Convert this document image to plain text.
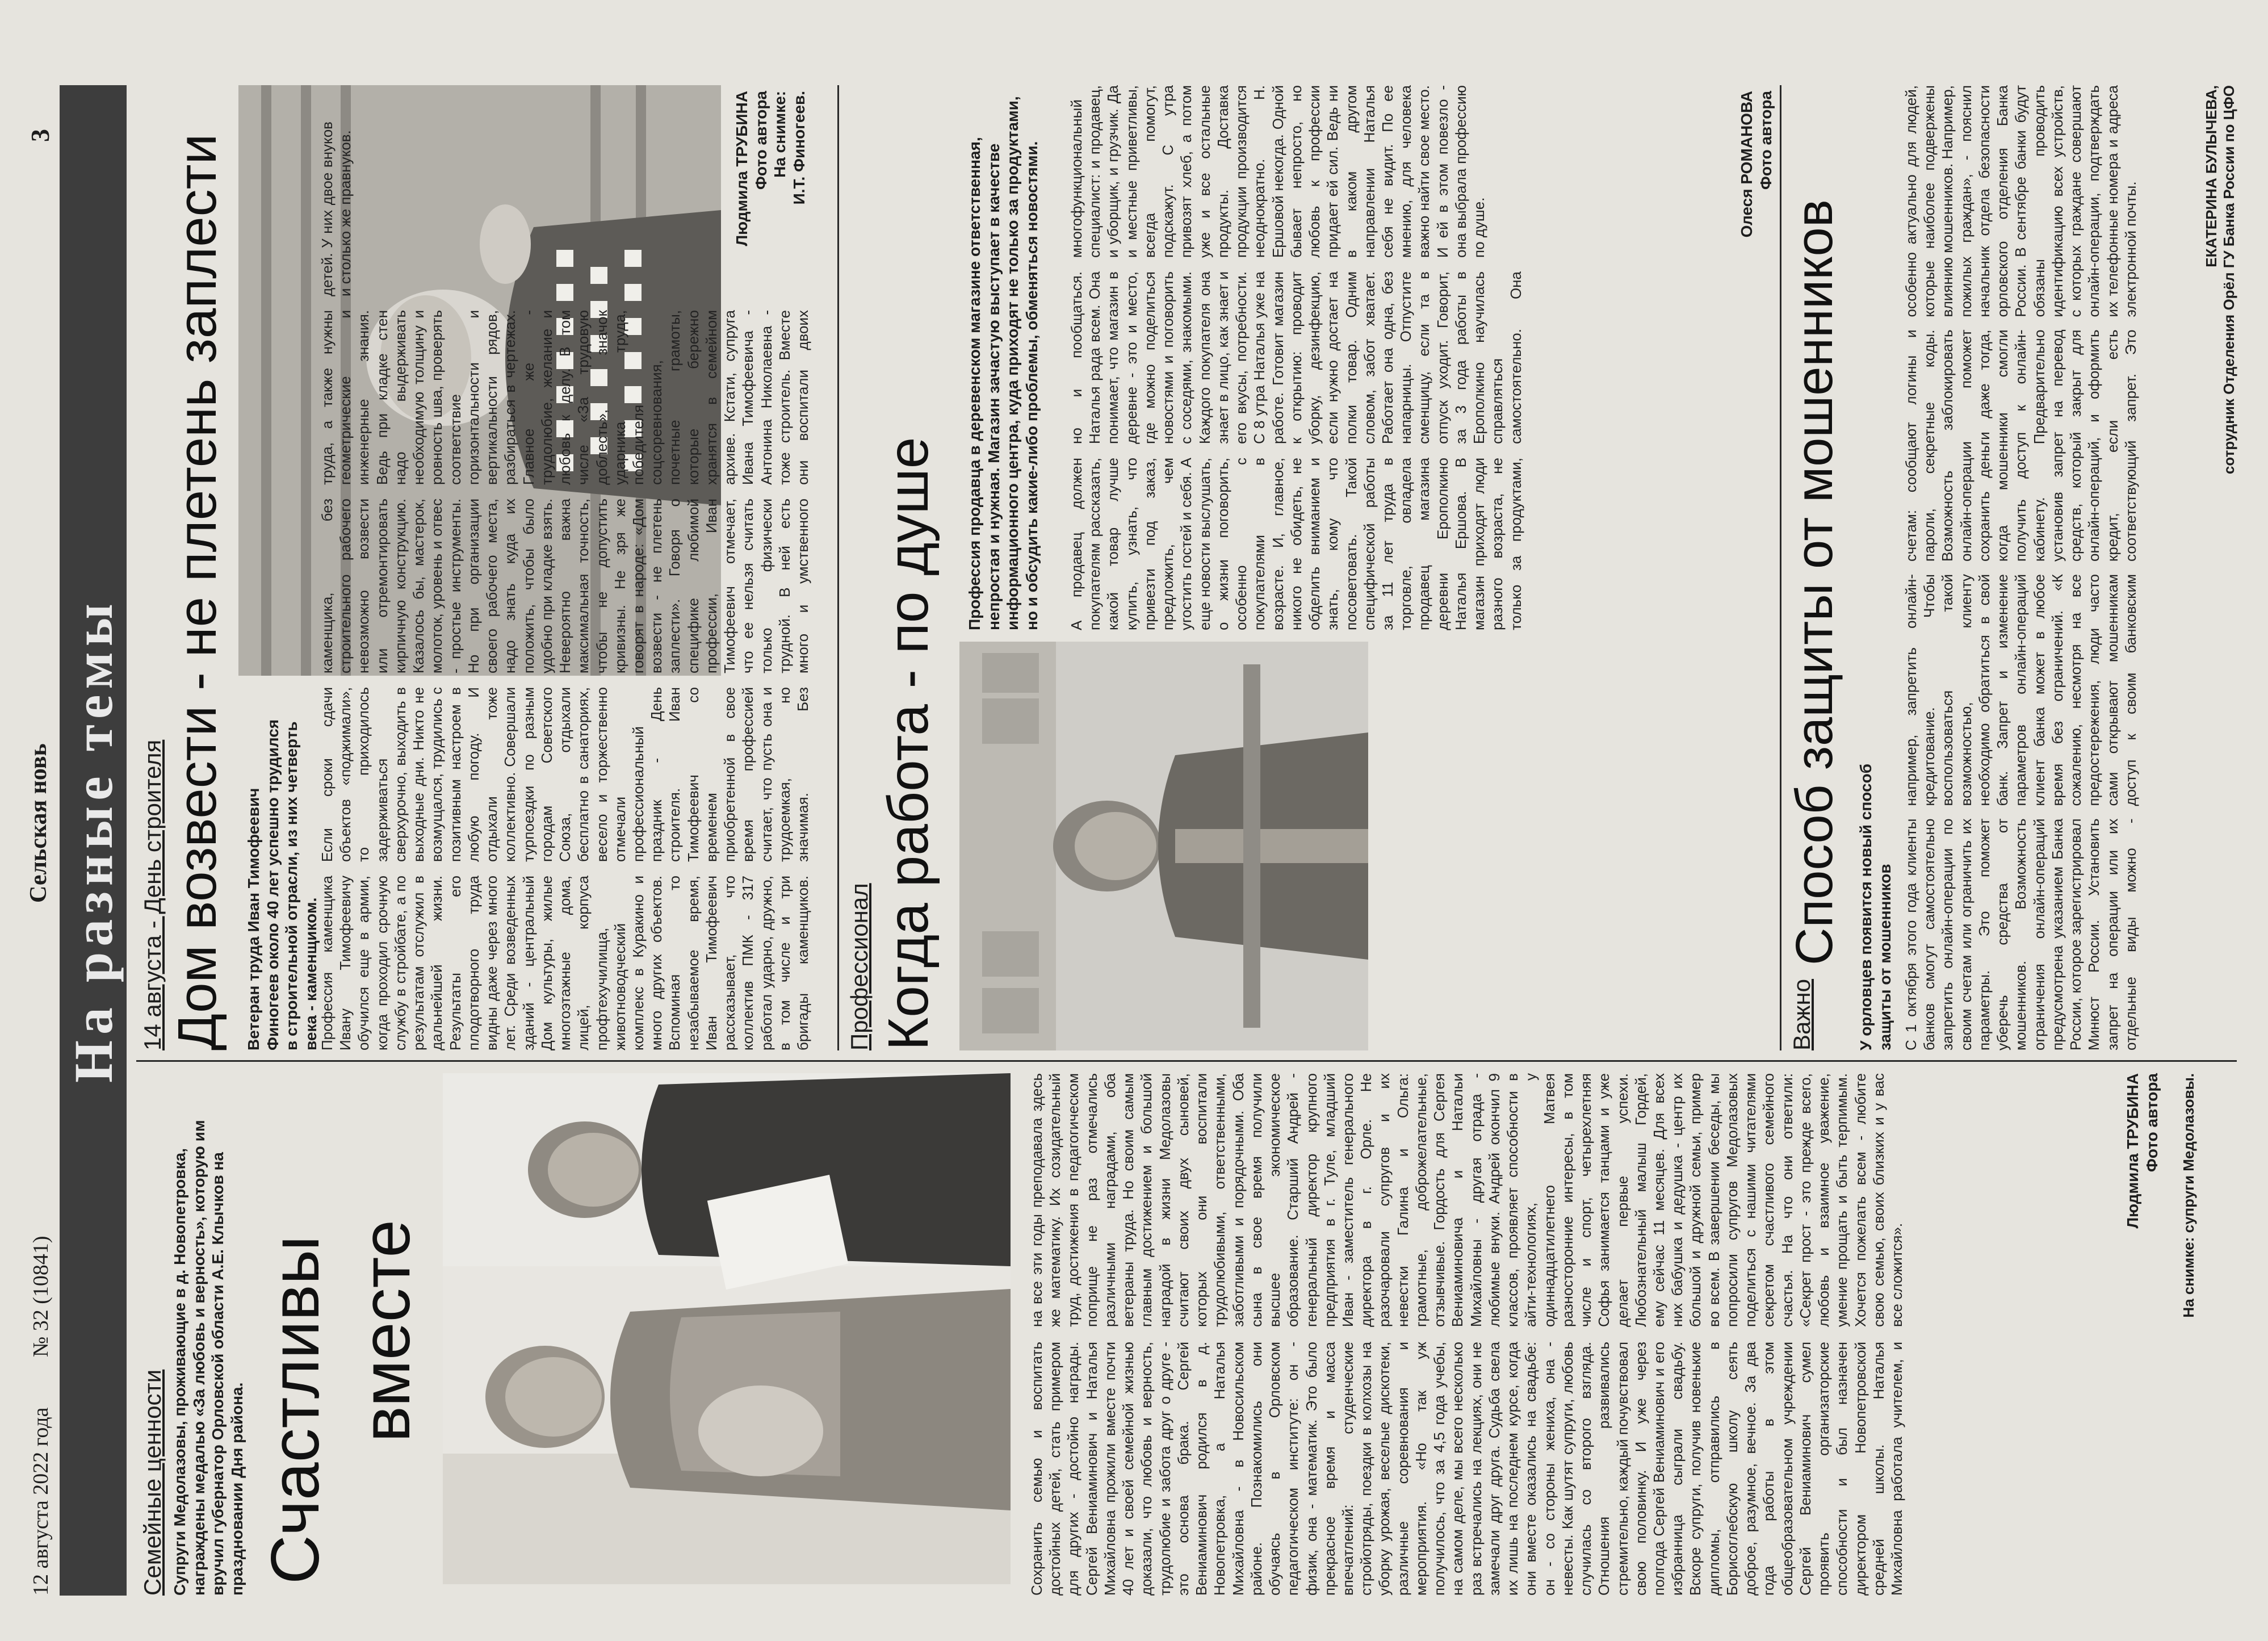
12 августа 2022 года
№ 32 (10841)
Сельская новь
3
На разные темы
Семейные ценности Супруги Медолазовы, проживающие в д. Новопетровка, награждены медалью «За любовь и верность», которую им вручил губернатор Орловской области А.Е. Клычков на праздновании Дня района. Счастливы вместе
Сохранить семью и воспитать достойных детей, стать примером для других - достойно награды. Сергей Вениаминович и Наталья Михайловна прожили вместе почти 40 лет и своей семейной жизнью доказали, что любовь и верность, трудолюбие и забота друг о друге - это основа брака. Сергей Вениаминович родился в д. Новопетровка, а Наталья Михайловна - в Новосильском районе. Познакомились они обучаясь в Орловском педагогическом институте: он - физик, она - математик. Это было прекрасное время и масса впечатлений: студенческие стройотряды, поездки в колхозы на уборку урожая, веселые дискотеки, различные соревнования и мероприятия. «Но так уж получилось, что за 4,5 года учебы, на самом деле, мы всего несколько раз встречались на лекциях, они не замечали друг друга. Судьба свела их лишь на последнем курсе, когда они вместе оказались на свадьбе: он - со стороны жениха, она - невесты. Как шутят супруги, любовь случилась со второго взгляда. Отношения развивались стремительно, каждый почувствовал свою половинку. И уже через полгода Сергей Вениаминович и его избранница сыграли свадьбу. Вскоре супруги, получив новенькие дипломы, отправились в Борисоглебскую школу сеять доброе, разумное, вечное. За два года работы в этом общеобразовательном учреждении Сергей Вениаминович сумел проявить организаторские способности и был назначен директором Новопетровской средней школы. Наталья Михайловна работала учителем, и на все эти годы преподавала здесь же математику. Их созидательный труд, достижения в педагогическом поприще не раз отмечались различными наградами, оба ветераны труда. Но своим самым главным достижением и большой наградой в жизни Медолазовы считают своих двух сыновей, которых они воспитали трудолюбивыми, ответственными, заботливыми и порядочными. Оба сына в свое время получили высшее экономическое образование. Старший Андрей - генеральный директор крупного предприятия в г. Туле, младший Иван - заместитель генерального директора в г. Орле. Не разочаровали супругов и их невестки Галина и Ольга: грамотные, доброжелательные, отзывчивые. Гордость для Сергея Вениаминовича и Натальи Михайловны - другая отрада - любимые внуки. Андрей окончил 9 классов, проявляет способности в айти-технологиях, у одиннадцатилетнего Матвея разносторонние интересы, в том числе и спорт, четырехлетняя Софья занимается танцами и уже делает первые успехи. Любознательный малыш Гордей, ему сейчас 11 месяцев. Для всех них бабушка и дедушка - центр их большой и дружной семьи, пример во всем. В завершении беседы, мы попросили супругов Медолазовых поделиться с нашими читателями секретом счастливого семейного счастья. На что они ответили: «Секрет прост - это прежде всего, любовь и взаимное уважение, умение прощать и быть терпимым. Хочется пожелать всем - любите свою семью, своих близких и у вас все сложится».
Людмила ТРУБИНА Фото автора На снимке: супруги Медолазовы.
14 августа - День строителя Дом возвести - не плетень заплести Ветеран труда Иван Тимофеевич Финогеев около 40 лет успешно трудился в строительной отрасли, из них четверть века - каменщиком.
Профессия каменщика Ивану Тимофеевичу обучился еще в армии, когда проходил срочную службу в стройбате, а по результатам отслужил в дальнейшей жизни. Результаты его плодотворного труда видны даже через много лет. Среди возведенных зданий - центральный Дом культуры, жилые многоэтажные дома, лицей, корпуса профтехучилища, животноводческий комплекс в Куракино и много других объектов. Вспоминая то незабываемое время, Иван Тимофеевич рассказывает, что коллектив ПМК - 317 работал ударно, дружно, в том числе и три бригады каменщиков. Если сроки сдачи объектов «поджимали», то приходилось задерживаться сверхурочно, выходить в выходные дни. Никто не возмущался, трудились с позитивным настроем в любую погоду. И отдыхали тоже коллективно. Совершали турпоездки по разным городам Советского Союза, отдыхали бесплатно в санаториях, весело и торжественно отмечали профессиональный праздник - День строителя. Иван Тимофеевич со временем приобретенной в свое время профессией считает, что пусть она и трудоемкая, но значимая. Без Тимофеевич отмечает, что ее нельзя считать только физически трудной. В ней есть много и умственного архиве. Кстати, супруга Ивана Тимофеевича - Антонина Николаевна - тоже строитель. Вместе они воспитали двоих
Людмила ТРУБИНА Фото автора На снимке: И.Т. Финогеев.
Профессионал Когда работа - по душе
Профессия продавца в деревенском магазине ответственная, непростая и нужная. Магазин зачастую выступает в качестве информационного центра, куда приходят не только за продуктами, но и обсудить какие-либо проблемы, обменяться новостями. А продавец должен покупателям рассказать, какой товар лучше купить, узнать, что привезти под заказ, предложить, чем угостить гостей и себя. А еще новости выслушать, о жизни поговорить, особенно с покупателями в возрасте. И, главное, никого не обидеть, не обделить вниманием и знать, кому что посоветовать. Такой специфической работы за 11 лет труда в торговле, овладела продавец магазина деревни Ерополкино Наталья Ершова. В магазин приходят люди разного возраста, не только за продуктами, но и пообщаться. Наталья рада всем. Она понимает, что магазин в деревне - это и место, где можно поделиться новостями и поговорить с соседями, знакомыми. Каждого покупателя она знает в лицо, как знает и его вкусы, потребности. С 8 утра Наталья уже на работе. Готовит магазин к открытию: проводит уборку, дезинфекцию, если нужно достает на полки товар. Одним словом, забот хватает. Работает она одна, без напарницы. Отпустите сменщицу, если та в отпуск уходит. Говорит, за 3 года работы в Ерополкино научилась справляться самостоятельно. Она многофункциональный специалист: и продавец, и уборщик, и грузчик. Да и местные приветливы, всегда помогут, подскажут. С утра привозят хлеб, а потом уже и все остальные продукты. Доставка продукции производится неоднократно. Н. Ершовой некогда. Одной бывает непросто, но любовь к профессии придает ей сил. Ведь ни в каком другом направлении Наталья себя не видит. По ее мнению, для человека важно найти свое место. И ей в этом повезло - она выбрала профессию по душе.	Олеся РОМАНОВА Фото автора
Важно
Способ защиты от мошенников У орловцев появится новый способ защиты от мошенников С 1 октября этого года клиенты банков смогут самостоятельно запретить онлайн-операции по своим счетам или ограничить их параметры. Это поможет уберечь средства от мошенников. Возможность ограничения онлайн-операций предусмотрена указанием Банка России, которое зарегистрировал Минюст России. Установить запрет на операции или их отдельные виды можно - например, запретить онлайн-кредитование. Чтобы воспользоваться такой возможностью, клиенту необходимо обратиться в свой банк. Запрет и изменение параметров онлайн-операций клиент банка может в любое время без ограничений. «К сожалению, несмотря на все предостережения, люди часто сами открывают мошенникам доступ к своим банковским счетам: сообщают логины и пароли, секретные коды. Возможность заблокировать онлайн-операции поможет сохранить деньги даже тогда, когда мошенники смогли получить доступ к онлайн-кабинету. Предварительно установив запрет на перевод средств, который закрыт для онлайн-операций, и оформить кредит, если есть соответствующий запрет. Это особенно актуально для людей, которые наиболее подвержены влиянию мошенников. Например, пожилых граждан», - пояснил начальник отдела безопасности орловского отделения Банка России. В сентябре банки будут обязаны проводить идентификацию всех устройств, с которых граждане совершают онлайн-операции, подтверждать их телефонные номера и адреса электронной почты.	ЕКАТЕРИНА БУЛЫЧЕВА, сотрудник Отделения Орёл ГУ Банка России по ЦФО
